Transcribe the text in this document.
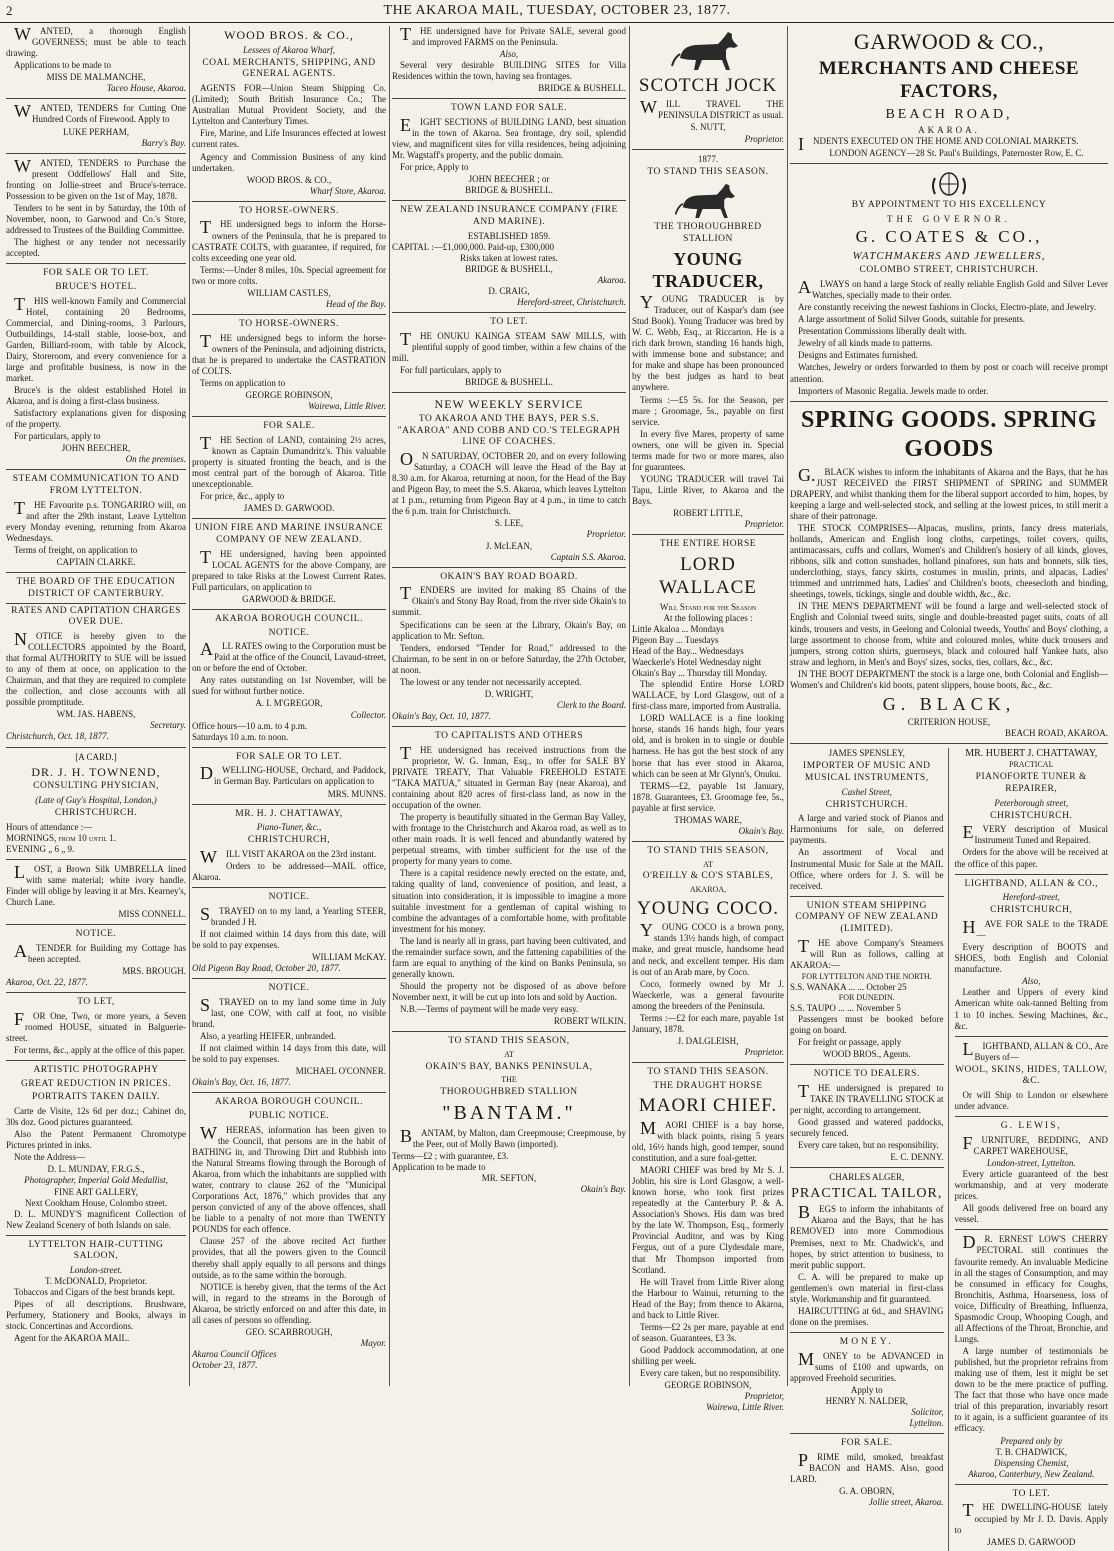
2	THE AKAROA MAIL, TUESDAY, OCTOBER 23, 1877.

WANTED, a thorough English GOVERNESS; must be able to teach drawing.

Applications to be made to

MISS DE MALMANCHE,
Taceo House, Akaroa.

WANTED, TENDERS for Cutting One Hundred Cords of Firewood. Apply to

LUKE PERHAM,
Barry's Bay.

WANTED, TENDERS to Purchase the present Oddfellows' Hall and Site, fronting on Jollie-street and Bruce's-terrace. Possession to be given on the 1st of May, 1878.

Tenders to be sent in by Saturday, the 10th of November, noon, to Garwood and Co.'s Store, addressed to Trustees of the Building Committee.

The highest or any tender not necessarily accepted.

FOR SALE OR TO LET.
BRUCE'S HOTEL.

THIS well-known Family and Commercial Hotel, containing 20 Bedrooms, Commercial, and Dining-rooms, 3 Parlours, Outbuildings, 14-stall stable, loose-box, and Garden, Billiard-room, with table by Alcock, Dairy, Storeroom, and every convenience for a large and profitable business, is now in the market.

Bruce's is the oldest established Hotel in Akaroa, and is doing a first-class business.

Satisfactory explanations given for disposing of the property.

For particulars, apply to

JOHN BEECHER,
On the premises.
STEAM COMMUNICATION TO AND FROM LYTTELTON.

THE Favourite p.s. TONGARIRO will, on and after the 29th instant, Leave Lyttelton every Monday evening, returning from Akaroa Wednesdays.

Terms of freight, on application to

CAPTAIN CLARKE.
THE BOARD OF THE EDUCATION DISTRICT OF CANTERBURY.
RATES AND CAPITATION CHARGES OVER DUE.

NOTICE is hereby given to the COLLECTORS appointed by the Board, that formal AUTHORITY to SUE will be issued to any of them at once, on application to the Chairman, and that they are required to complete the collection, and close accounts with all possible promptitude.

WM. JAS. HABENS,
Secretary.
Christchurch, Oct. 18, 1877.
[A CARD.]
DR. J. H. TOWNEND,
CONSULTING PHYSICIAN,
(Late of Guy's Hospital, London,)
CHRISTCHURCH.
Hours of attendance :—
MORNINGS, from 10 until 1.
EVENING „ 6 „ 9.

LOST, a Brown Silk UMBRELLA lined with same material; white ivory handle. Finder will oblige by leaving it at Mrs. Kearney's, Church Lane.

MISS CONNELL.
NOTICE.

ATENDER for Building my Cottage has been accepted.

MRS. BROUGH.
Akaroa, Oct. 22, 1877.
TO LET,

FOR One, Two, or more years, a Seven roomed HOUSE, situated in Balguerie-street.

For terms, &c., apply at the office of this paper.

ARTISTIC PHOTOGRAPHY
GREAT REDUCTION IN PRICES.
PORTRAITS TAKEN DAILY.

Carte de Visite, 12s 6d per doz.; Cabinet do, 30s doz. Good pictures guaranteed.

Also the Patent Permanent Chromotype Pictures printed in inks.

Note the Address—

D. L. MUNDAY, F.R.G.S.,
Photographer, Imperial Gold Medallist,
FINE ART GALLERY,
Next Cookham House, Colombo street.

D. L. MUNDY'S magnificent Collection of New Zealand Scenery of both Islands on sale.

LYTTELTON HAIR-CUTTING SALOON,
London-street.
T. McDONALD, Proprietor.

Tobaccos and Cigars of the best brands kept.

Pipes of all descriptions. Brushware, Perfumery, Stationery and Books, always in stock. Concertinas and Accordions.

Agent for the AKAROA MAIL.

WOOD BROS. & CO.,
Lessees of Akaroa Wharf,
COAL MERCHANTS, SHIPPING, AND GENERAL AGENTS.

AGENTS FOR—Union Steam Shipping Co. (Limited); South British Insurance Co.; The Australian Mutual Provident Society, and the Lyttelton and Canterbury Times.

Fire, Marine, and Life Insurances effected at lowest current rates.

Agency and Commission Business of any kind undertaken.

WOOD BROS. & CO.,
Wharf Store, Akaroa.
TO HORSE-OWNERS.

THE undersigned begs to inform the Horse-owners of the Peninsula, that he is prepared to CASTRATE COLTS, with guarantee, if required, for colts exceeding one year old.

Terms:—Under 8 miles, 10s. Special agreement for two or more colts.

WILLIAM CASTLES,
Head of the Bay.
TO HORSE-OWNERS.

THE undersigned begs to inform the horse-owners of the Peninsula, and adjoining districts, that he is prepared to undertake the CASTRATION of COLTS.

Terms on application to

GEORGE ROBINSON,
Wairewa, Little River.
FOR SALE.

THE Section of LAND, containing 2½ acres, known as Captain Dumandritz's. This valuable property is situated fronting the beach, and is the most central part of the borough of Akaroa. Title unexceptionable.

For price, &c., apply to

JAMES D. GARWOOD.
UNION FIRE AND MARINE INSURANCE COMPANY OF NEW ZEALAND.

THE undersigned, having been appointed LOCAL AGENTS for the above Company, are prepared to take Risks at the Lowest Current Rates. Full particulars, on application to

GARWOOD & BRIDGE.
AKAROA BOROUGH COUNCIL.
NOTICE.

ALL RATES owing to the Corporation must be Paid at the office of the Council, Lavaud-street, on or before the end of October.

Any rates outstanding on 1st November, will be sued for without further notice.

A. I. M'GREGOR,
Collector.
Office hours—10 a.m. to 4 p.m.
Saturdays 10 a.m. to noon.
FOR SALE OR TO LET.

DWELLING-HOUSE, Orchard, and Paddock, in German Bay. Particulars on application to

MRS. MUNNS.
MR. H. J. CHATTAWAY,
Piano-Tuner, &c.,
CHRISTCHURCH,

WILL VISIT AKAROA on the 23rd instant.

Orders to be addressed—MAIL office, Akaroa.

NOTICE.

STRAYED on to my land, a Yearling STEER, branded J H.

If not claimed within 14 days from this date, will be sold to pay expenses.

WILLIAM McKAY.
Old Pigeon Bay Road, October 20, 1877.
NOTICE.

STRAYED on to my land some time in July last, one COW, with calf at foot, no visible brand.

Also, a yearling HEIFER, unbranded.

If not claimed within 14 days from this date, will be sold to pay expenses.

MICHAEL O'CONNER.
Okain's Bay, Oct. 16, 1877.
AKAROA BOROUGH COUNCIL.
PUBLIC NOTICE.

WHEREAS, information has been given to the Council, that persons are in the habit of BATHING in, and Throwing Dirt and Rubbish into the Natural Streams flowing through the Borough of Akaroa, from which the inhabitants are supplied with water, contrary to clause 262 of the "Municipal Corporations Act, 1876," which provides that any person convicted of any of the above offences, shall be liable to a penalty of not more than TWENTY POUNDS for each offence.

Clause 257 of the above recited Act further provides, that all the powers given to the Council thereby shall apply equally to all persons and things outside, as to the same within the borough.

NOTICE is hereby given, that the terms of the Act will, in regard to the streams in the Borough of Akaroa, be strictly enforced on and after this date, in all cases of persons so offending.

GEO. SCARBROUGH,
Mayor.
Akaroa Council Offices
October 23, 1877.

THE undersigned have for Private SALE, several good and improved FARMS on the Peninsula.

Also,

Several very desirable BUILDING SITES for Villa Residences within the town, having sea frontages.

BRIDGE & BUSHELL.
TOWN LAND FOR SALE.

EIGHT SECTIONS of BUILDING LAND, best situation in the town of Akaroa. Sea frontage, dry soil, splendid view, and magnificent sites for villa residences, being adjoining Mr. Wagstaff's property, and the public domain.

For price, Apply to

JOHN BEECHER ; or
BRIDGE & BUSHELL.
NEW ZEALAND INSURANCE COMPANY (FIRE AND MARINE).
ESTABLISHED 1859.
CAPITAL :—£1,000,000. Paid-up, £300,000
Risks taken at lowest rates.
BRIDGE & BUSHELL,
Akaroa.
D. CRAIG,
Hereford-street, Christchurch.
TO LET.

THE ONUKU KAINGA STEAM SAW MILLS, with plentiful supply of good timber, within a few chains of the mill.

For full particulars, apply to

BRIDGE & BUSHELL.
NEW WEEKLY SERVICE
TO AKAROA AND THE BAYS, PER S.S. "AKAROA" AND COBB AND CO.'S TELEGRAPH LINE OF COACHES.

ON SATURDAY, OCTOBER 20, and on every following Saturday, a COACH will leave the Head of the Bay at 8.30 a.m. for Akaroa, returning at noon, for the Head of the Bay and Pigeon Bay, to meet the S.S. Akaroa, which leaves Lyttelton at 1 p.m., returning from Pigeon Bay at 4 p.m., in time to catch the 6 p.m. train for Christchurch.

S. LEE,
Proprietor.
J. McLEAN,
Captain S.S. Akaroa.
OKAIN'S BAY ROAD BOARD.

TENDERS are invited for making 85 Chains of the Okain's and Stony Bay Road, from the river side Okain's to summit.

Specifications can be seen at the Library, Okain's Bay, on application to Mr. Sefton.

Tenders, endorsed "Tender for Road," addressed to the Chairman, to be sent in on or before Saturday, the 27th October, at noon.

The lowest or any tender not necessarily accepted.

D. WRIGHT,
Clerk to the Board.
Okain's Bay, Oct. 10, 1877.
TO CAPITALISTS AND OTHERS

THE undersigned has received instructions from the proprietor, W. G. Inman, Esq., to offer for SALE BY PRIVATE TREATY, That Valuable FREEHOLD ESTATE "TAKA MATUA," situated in German Bay (near Akaroa), and containing about 820 acres of first-class land, as now in the occupation of the owner.

The property is beautifully situated in the German Bay Valley, with frontage to the Christchurch and Akaroa road, as well as to other main roads. It is well fenced and abundantly watered by perpetual streams, with timber sufficient for the use of the property for many years to come.

There is a capital residence newly erected on the estate, and, taking quality of land, convenience of position, and least, a situation into consideration, it is impossible to imagine a more suitable investment for a gentleman of capital wishing to combine the advantages of a comfortable home, with profitable investment for his money.

The land is nearly all in grass, part having been cultivated, and the remainder surface sown, and the fattening capabilities of the farm are equal to anything of the kind on Banks Peninsula, so generally known.

Should the property not be disposed of as above before November next, it will be cut up into lots and sold by Auction.

N.B.—Terms of payment will be made very easy.

ROBERT WILKIN.
TO STAND THIS SEASON,
AT
OKAIN'S BAY, BANKS PENINSULA,
THE
THOROUGHBRED STALLION
"BANTAM."

BANTAM, by Malton, dam Creepmouse; Creepmouse, by the Peer, out of Molly Bawn (imported).

Terms—£2 ; with guarantee, £3.
Application to be made to
MR. SEFTON,
Okain's Bay.
SCOTCH JOCK

WILL TRAVEL THE PENINSULA DISTRICT as usual.

S. NUTT,
Proprietor.
1877.
TO STAND THIS SEASON.
THE THOROUGHBRED STALLION
YOUNG TRADUCER,

YOUNG TRADUCER is by Traducer, out of Kaspar's dam (see Stud Book). Young Traducer was bred by W. C. Webb, Esq., at Riccarton. He is a rich dark brown, standing 16 hands high, with immense bone and substance; and for make and shape has been pronounced by the best judges as hard to beat anywhere.

Terms :—£5 5s. for the Season, per mare ; Groomage, 5s., payable on first service.

In every five Mares, property of same owners, one will be given in. Special terms made for two or more mares, also for guarantees.

YOUNG TRADUCER will travel Tai Tapu, Little River, to Akaroa and the Bays.

ROBERT LITTLE,
Proprietor.
THE ENTIRE HORSE
LORD WALLACE
Will Stand for the Season
At the following places :
Little Akaloa ... Mondays
Pigeon Bay ... Tuesdays
Head of the Bay... Wednesdays
Waeckerle's Hotel Wednesday night
Okain's Bay ... Thursday till Monday.

The splendid Entire Horse LORD WALLACE, by Lord Glasgow, out of a first-class mare, imported from Australia.

LORD WALLACE is a fine looking horse, stands 16 hands high, four years old, and is broken in to single or double harness. He has got the best stock of any horse that has ever stood in Akaroa, which can be seen at Mr Glynn's, Onuku.

TERMS—£2, payable 1st January, 1878. Guarantees, £3. Groomage fee, 5s., payable at first service.

THOMAS WARE,
Okain's Bay.
TO STAND THIS SEASON,
AT
O'REILLY & CO'S STABLES,
AKAROA,
YOUNG COCO.

YOUNG COCO is a brown pony, stands 13½ hands high, of compact make, and great muscle, handsome head and neck, and excellent temper. His dam is out of an Arab mare, by Coco.

Coco, formerly owned by Mr J. Waeckerle, was a general favourite among the breeders of the Peninsula.

Terms :—£2 for each mare, payable 1st January, 1878.

J. DALGLEISH,
Proprietor.
TO STAND THIS SEASON.
THE DRAUGHT HORSE
MAORI CHIEF.

MAORI CHIEF is a bay horse, with black points, rising 5 years old, 16½ hands high, good temper, sound constitution, and a sure foal-getter.

MAORI CHIEF was bred by Mr S. J. Joblin, his sire is Lord Glasgow, a well-known horse, who took first prizes repeatedly at the Canterbury P. & A. Association's Shows. His dam was bred by the late W. Thompson, Esq., formerly Provincial Auditor, and was by King Fergus, out of a pure Clydesdale mare, that Mr Thompson imported from Scotland.

He will Travel from Little River along the Harbour to Wainui, returning to the Head of the Bay; from thence to Akaroa, and back to Little River.

Terms—£2 2s per mare, payable at end of season. Guarantees, £3 3s.

Good Paddock accommodation, at one shilling per week.

Every care taken, but no responsibility.

GEORGE ROBINSON,
Proprietor,
Wairewa, Little River.
GARWOOD & CO.,
MERCHANTS AND CHEESE FACTORS,
BEACH ROAD,
AKAROA.

INDENTS EXECUTED ON THE HOME AND COLONIAL MARKETS.

LONDON AGENCY—28 St. Paul's Buildings, Paternoster Row, E. C.
BY APPOINTMENT TO HIS EXCELLENCY
THE GOVERNOR.
G. COATES & CO.,
WATCHMAKERS AND JEWELLERS,
COLOMBO STREET, CHRISTCHURCH.

ALWAYS on hand a large Stock of really reliable English Gold and Silver Lever Watches, specially made to their order.

Are constantly receiving the newest fashions in Clocks, Electro-plate, and Jewelry.

A large assortment of Solid Silver Goods, suitable for presents.

Presentation Commissions liberally dealt with.

Jewelry of all kinds made to patterns.

Designs and Estimates furnished.

Watches, Jewelry or orders forwarded to them by post or coach will receive prompt attention.

Importers of Masonic Regalia. Jewels made to order.

SPRING GOODS. SPRING GOODS

G.BLACK wishes to inform the inhabitants of Akaroa and the Bays, that he has JUST RECEIVED the FIRST SHIPMENT of SPRING and SUMMER DRAPERY, and whilst thanking them for the liberal support accorded to him, hopes, by keeping a large and well-selected stock, and selling at the lowest prices, to still merit a share of their patronage.

THE STOCK COMPRISES—Alpacas, muslins, prints, fancy dress materials, hollands, American and English long cloths, carpetings, toilet covers, quilts, antimacassars, cuffs and collars, Women's and Children's hosiery of all kinds, gloves, ribbons, silk and cotton sunshades, holland pinafores, sun hats and bonnets, silk ties, underclothing, stays, fancy skirts, costumes in muslin, prints, and alpacas, Ladies' trimmed and untrimmed hats, Ladies' and Children's boots, cheesecloth and binding, sheetings, towels, tickings, single and double width, &c., &c.

IN THE MEN'S DEPARTMENT will be found a large and well-selected stock of English and Colonial tweed suits, single and double-breasted paget suits, coats of all kinds, trousers and vests, in Geelong and Colonial tweeds, Youths' and Boys' clothing, a large assortment to choose from, white and coloured moles, white duck trousers and jumpers, strong cotton shirts, guernseys, black and coloured half Yankee hats, also straw and leghorn, in Men's and Boys' sizes, socks, ties, collars, &c., &c.

IN THE BOOT DEPARTMENT the stock is a large one, both Colonial and English—Women's and Children's kid boots, patent slippers, house boots, &c., &c.

G. BLACK,
CRITERION HOUSE,
BEACH ROAD, AKAROA.
JAMES SPENSLEY,
IMPORTER OF MUSIC AND MUSICAL INSTRUMENTS,
Cashel Street,
CHRISTCHURCH.

A large and varied stock of Pianos and Harmoniums for sale, on deferred payments.

An assortment of Vocal and Instrumental Music for Sale at the MAIL Office, where orders for J. S. will be received.

UNION STEAM SHIPPING COMPANY OF NEW ZEALAND (LIMITED).

THE above Company's Steamers will Run as follows, calling at AKAROA:—

FOR LYTTELTON AND THE NORTH.
S.S. WANAKA ... ... October 25
FOR DUNEDIN.
S.S. TAUPO ... ... November 5

Passengers must be booked before going on board.

For freight or passage, apply

WOOD BROS., Agents.
NOTICE TO DEALERS.

THE undersigned is prepared to TAKE IN TRAVELLING STOCK at per night, according to arrangement.

Good grassed and watered paddocks, securely fenced.

Every care taken, but no responsibility.

E. C. DENNY.
CHARLES ALGER,
PRACTICAL TAILOR,

BEGS to inform the inhabitants of Akaroa and the Bays, that he has REMOVED into more Commodious Premises, next to Mr. Chadwick's, and hopes, by strict attention to business, to merit public support.

C. A. will be prepared to make up gentlemen's own material in first-class style. Workmanship and fit guaranteed.

HAIRCUTTING at 6d., and SHAVING done on the premises.

MONEY.

MONEY to be ADVANCED in sums of £100 and upwards, on approved Freehold securities.

Apply to
HENRY N. NALDER,
Solicitor,
Lyttelton.
FOR SALE.

PRIME mild, smoked, breakfast BACON and HAMS. Also, good LARD.

G. A. OBORN,
Jollie street, Akaroa.
MR. HUBERT J. CHATTAWAY,
PRACTICAL
PIANOFORTE TUNER & REPAIRER,
Peterborough street,
CHRISTCHURCH.

EVERY description of Musical Instrument Tuned and Repaired.

Orders for the above will be received at the office of this paper.

LIGHTBAND, ALLAN & CO.,
Hereford-street,
CHRISTCHURCH,

HAVE FOR SALE to the TRADE—

Every description of BOOTS and SHOES, both English and Colonial manufacture.

Also,

Leather and Uppers of every kind American white oak-tanned Belting from 1 to 10 inches. Sewing Machines, &c., &c.

LIGHTBAND, ALLAN & CO., Are Buyers of—

WOOL, SKINS, HIDES, TALLOW, &C.

Or will Ship to London or elsewhere under advance.

G. LEWIS,

FURNITURE, BEDDING, AND CARPET WAREHOUSE,

London-street, Lyttelton.

Every article guaranteed of the best workmanship, and at very moderate prices.

All goods delivered free on board any vessel.

DR. ERNEST LOW'S CHERRY PECTORAL still continues the favourite remedy. An invaluable Medicine in all the stages of Consumption, and may be consumed in efficacy for Coughs, Bronchitis, Asthma, Hoarseness, loss of voice, Difficulty of Breathing, Influenza, Spasmodic Croup, Whooping Cough, and all Affections of the Throat, Bronchie, and Lungs.

A large number of testimonials be published, but the proprietor refrains from making use of them, lest it might be set down to be the mere practice of puffing. The fact that those who have once made trial of this preparation, invariably resort to it again, is a sufficient guarantee of its efficacy.

Prepared only by
T. B. CHADWICK,
Dispensing Chemist,
Akaroa, Canterbury, New Zealand.
TO LET.

THE DWELLING-HOUSE lately occupied by Mr J. D. Davis. Apply to

JAMES D. GARWOOD
